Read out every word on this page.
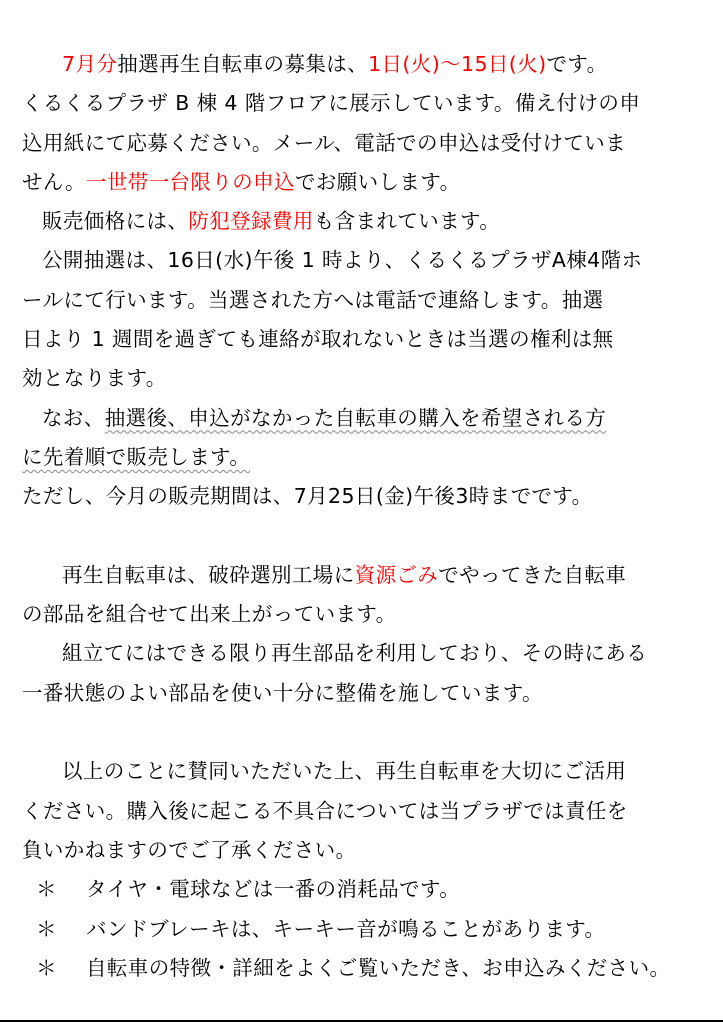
7月分抽選再生自転車の募集は、1日(火)〜15日(火)です。
くるくるプラザ B 棟 4 階フロアに展示しています。備え付けの申
込用紙にて応募ください。メール、電話での申込は受付けていま
せん。一世帯一台限りの申込でお願いします。
販売価格には、防犯登録費用も含まれています。
公開抽選は、16日(水)午後 1 時より、くるくるプラザA棟4階ホ
ールにて行います。当選された方へは電話で連絡します。抽選
日より 1 週間を過ぎても連絡が取れないときは当選の権利は無
効となります。
なお、抽選後、申込がなかった自転車の購入を希望される方
に先着順で販売します。
ただし、今月の販売期間は、7月25日(金)午後3時までです。
再生自転車は、破砕選別工場に資源ごみでやってきた自転車
の部品を組合せて出来上がっています。
組立てにはできる限り再生部品を利用しており、その時にある
一番状態のよい部品を使い十分に整備を施しています。
以上のことに賛同いただいた上、再生自転車を大切にご活用
ください。購入後に起こる不具合については当プラザでは責任を
負いかねますのでご了承ください。
＊ タイヤ・電球などは一番の消耗品です。
＊ バンドブレーキは、キーキー音が鳴ることがあります。
＊ 自転車の特徴・詳細をよくご覧いただき、お申込みください。
